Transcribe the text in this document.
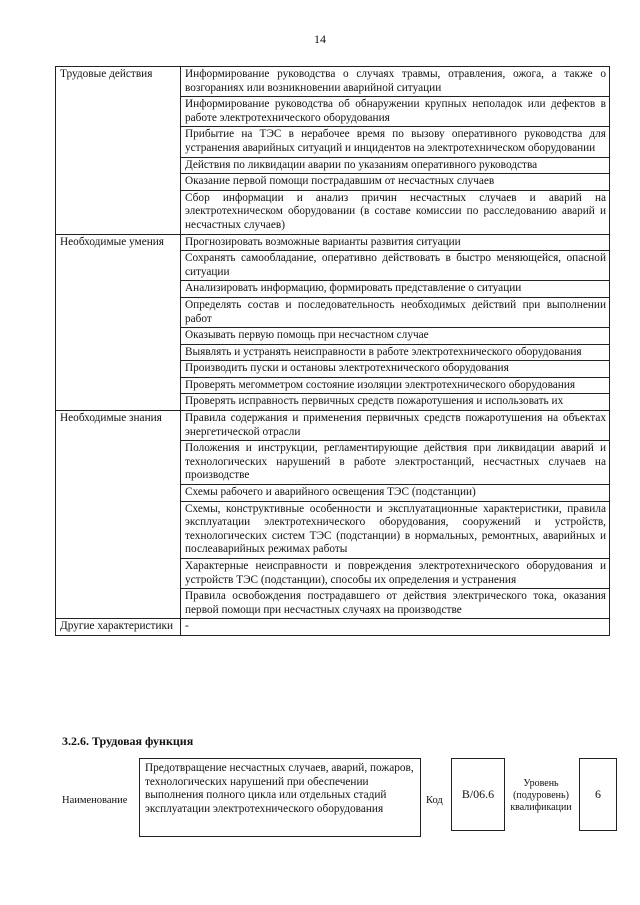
14
Трудовые действия	Информирование руководства о случаях травмы, отравления, ожога, а также о возгораниях или возникновении аварийной ситуации
	Информирование руководства об обнаружении крупных неполадок или дефектов в работе электротехнического оборудования
	Прибытие на ТЭС в нерабочее время по вызову оперативного руководства для устранения аварийных ситуаций и инцидентов на электротехническом оборудовании
	Действия по ликвидации аварии по указаниям оперативного руководства
	Оказание первой помощи пострадавшим от несчастных случаев
	Сбор информации и анализ причин несчастных случаев и аварий на электротехническом оборудовании (в составе комиссии по расследованию аварий и несчастных случаев)
Необходимые умения	Прогнозировать возможные варианты развития ситуации
	Сохранять самообладание, оперативно действовать в быстро меняющейся, опасной ситуации
	Анализировать информацию, формировать представление о ситуации
	Определять состав и последовательность необходимых действий при выполнении работ
	Оказывать первую помощь при несчастном случае
	Выявлять и устранять неисправности в работе электротехнического оборудования
	Производить пуски и остановы электротехнического оборудования
	Проверять мегомметром состояние изоляции электротехнического оборудования
	Проверять исправность первичных средств пожаротушения и использовать их
Необходимые знания	Правила содержания и применения первичных средств пожаротушения на объектах энергетической отрасли
	Положения и инструкции, регламентирующие действия при ликвидации аварий и технологических нарушений в работе электростанций, несчастных случаев на производстве
	Схемы рабочего и аварийного освещения ТЭС (подстанции)
	Схемы, конструктивные особенности и эксплуатационные характеристики, правила эксплуатации электротехнического оборудования, сооружений и устройств, технологических систем ТЭС (подстанции) в нормальных, ремонтных, аварийных и послеаварийных режимах работы
	Характерные неисправности и повреждения электротехнического оборудования и устройств ТЭС (подстанции), способы их определения и устранения
	Правила освобождения пострадавшего от действия электрического тока, оказания первой помощи при несчастных случаях на производстве
Другие характеристики	-
3.2.6. Трудовая функция
Наименование
Предотвращение несчастных случаев, аварий, пожаров, технологических нарушений при обеспечении выполнения полного цикла или отдельных стадий эксплуатации электротехнического оборудования
Код	В/06.6
Уровень (подуровень) квалификации
6
